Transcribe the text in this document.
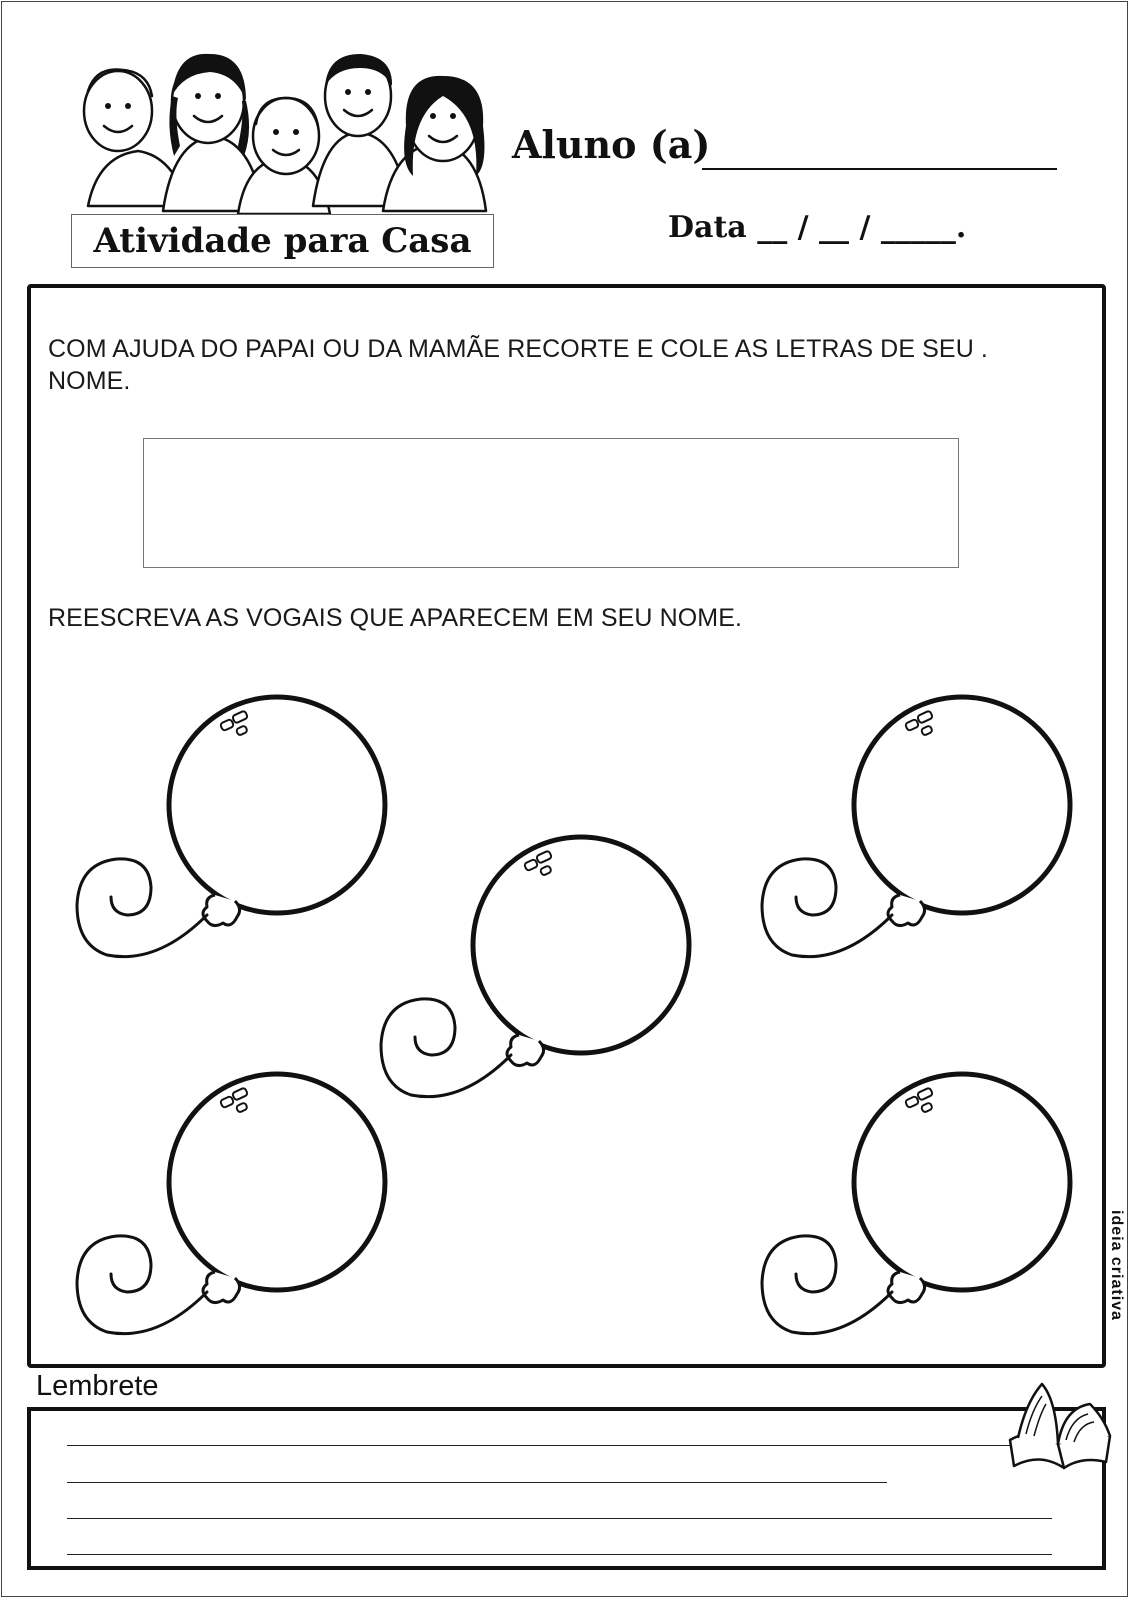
Atividade para Casa
Aluno (a)
Data __ / __ / _____.
COM AJUDA DO PAPAI OU DA MAMÃE RECORTE E COLE AS LETRAS DE SEU .
NOME.
REESCREVA AS VOGAIS QUE APARECEM EM SEU NOME.
ideia criativa
Lembrete
